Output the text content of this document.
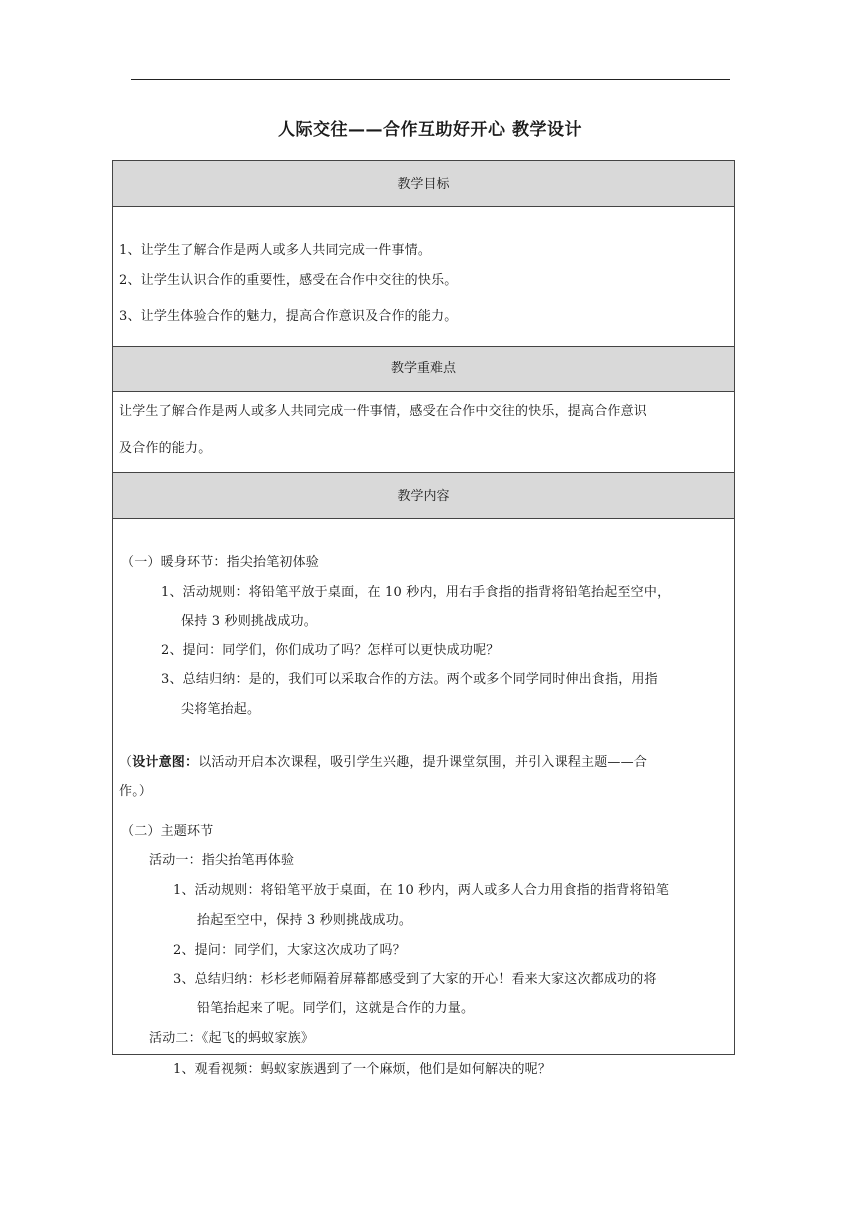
人际交往——合作互助好开心 教学设计
教学目标
1、让学生了解合作是两人或多人共同完成一件事情。
2、让学生认识合作的重要性，感受在合作中交往的快乐。
3、让学生体验合作的魅力，提高合作意识及合作的能力。
教学重难点
让学生了解合作是两人或多人共同完成一件事情，感受在合作中交往的快乐，提高合作意识
及合作的能力。
教学内容
（一）暖身环节：指尖抬笔初体验
1、活动规则：将铅笔平放于桌面，在 10 秒内，用右手食指的指背将铅笔抬起至空中，
保持 3 秒则挑战成功。
2、提问：同学们，你们成功了吗？怎样可以更快成功呢？
3、总结归纳：是的，我们可以采取合作的方法。两个或多个同学同时伸出食指，用指
尖将笔抬起。
（设计意图：以活动开启本次课程，吸引学生兴趣，提升课堂氛围，并引入课程主题——合
作。）
（二）主题环节
活动一：指尖抬笔再体验
1、活动规则：将铅笔平放于桌面，在 10 秒内，两人或多人合力用食指的指背将铅笔
抬起至空中，保持 3 秒则挑战成功。
2、提问：同学们，大家这次成功了吗？
3、总结归纳：杉杉老师隔着屏幕都感受到了大家的开心！看来大家这次都成功的将
铅笔抬起来了呢。同学们，这就是合作的力量。
活动二：《起飞的蚂蚁家族》
1、观看视频：蚂蚁家族遇到了一个麻烦，他们是如何解决的呢？
